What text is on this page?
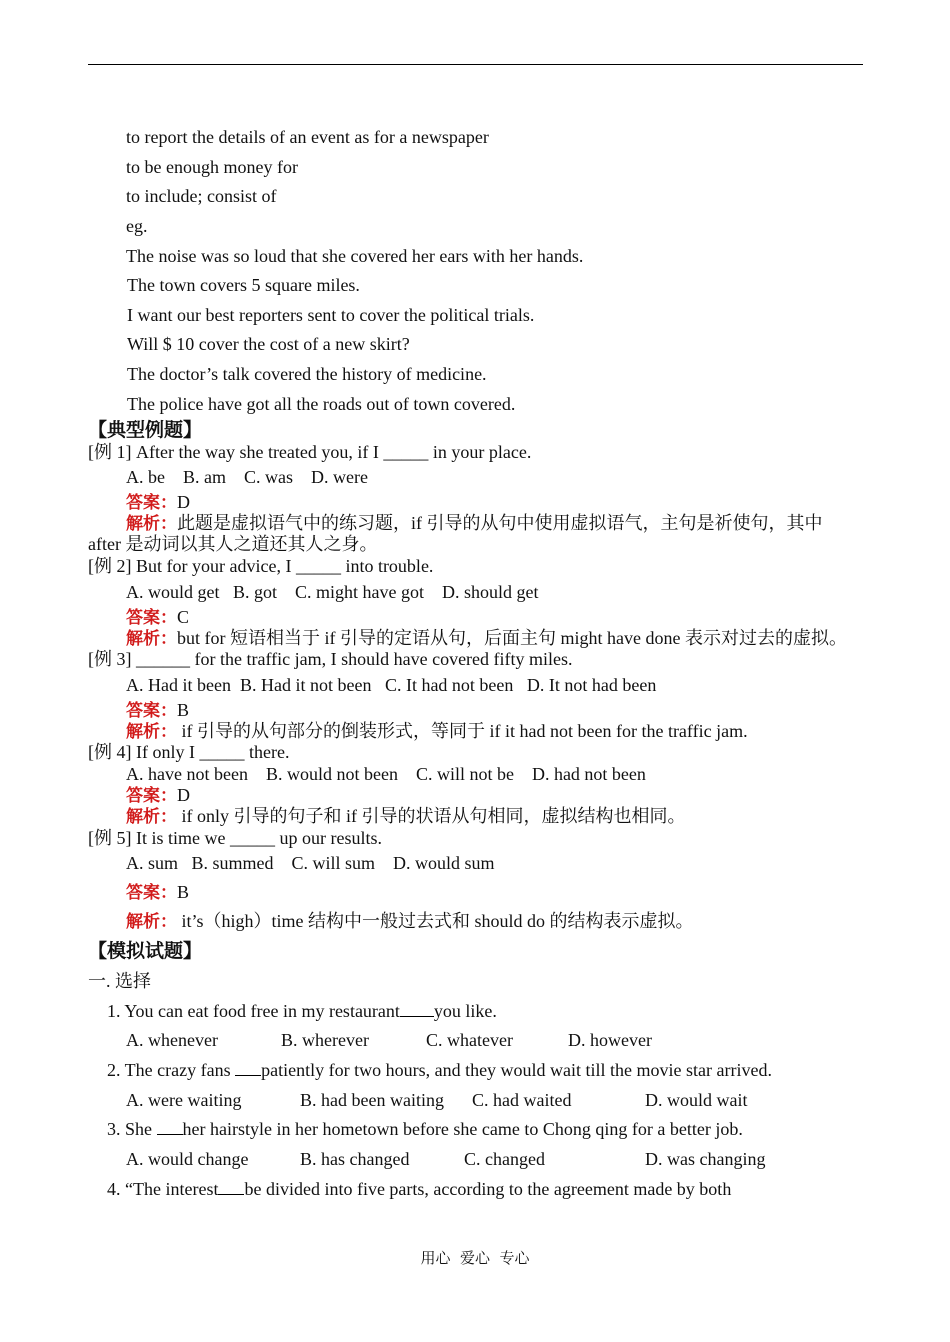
to report the details of an event as for a newspaper
to be enough money for
to include; consist of
eg.
The noise was so loud that she covered her ears with her hands.
The town covers 5 square miles.
I want our best reporters sent to cover the political trials.
Will $ 10 cover the cost of a new skirt?
The doctor’s talk covered the history of medicine.
The police have got all the roads out of town covered.
【典型例题】
[例 1] After the way she treated you, if I _____ in your place.
A. be    B. am    C. was    D. were
答案：D
解析：此题是虚拟语气中的练习题，if 引导的从句中使用虚拟语气，主句是祈使句，其中
after 是动词以其人之道还其人之身。
[例 2] But for your advice, I _____ into trouble.
A. would get   B. got    C. might have got    D. should get
答案：C
解析：but for 短语相当于 if 引导的定语从句，后面主句 might have done 表示对过去的虚拟。
[例 3] ______ for the traffic jam, I should have covered fifty miles.
A. Had it been  B. Had it not been   C. It had not been   D. It not had been
答案：B
解析： if 引导的从句部分的倒装形式，等同于 if it had not been for the traffic jam.
[例 4] If only I _____ there.
A. have not been    B. would not been    C. will not be    D. had not been
答案：D
解析： if only 引导的句子和 if 引导的状语从句相同，虚拟结构也相同。
[例 5] It is time we _____ up our results.
A. sum   B. summed    C. will sum    D. would sum
答案：B
解析： it’s（high）time 结构中一般过去式和 should do 的结构表示虚拟。
【模拟试题】
一. 选择
1. You can eat food free in my restaurant you like.
A. whenever	B. wherever	C. whatever	D. however
2. The crazy fans patiently for two hours, and they would wait till the movie star arrived.
A. were waiting	B. had been waiting C. had waited	D. would wait
3. She her hairstyle in her hometown before she came to Chong qing for a better job.
A. would change	B. has changed	C. changed	D. was changing
4. “The interest be divided into five parts, according to the agreement made by both
用心  爱心  专心
